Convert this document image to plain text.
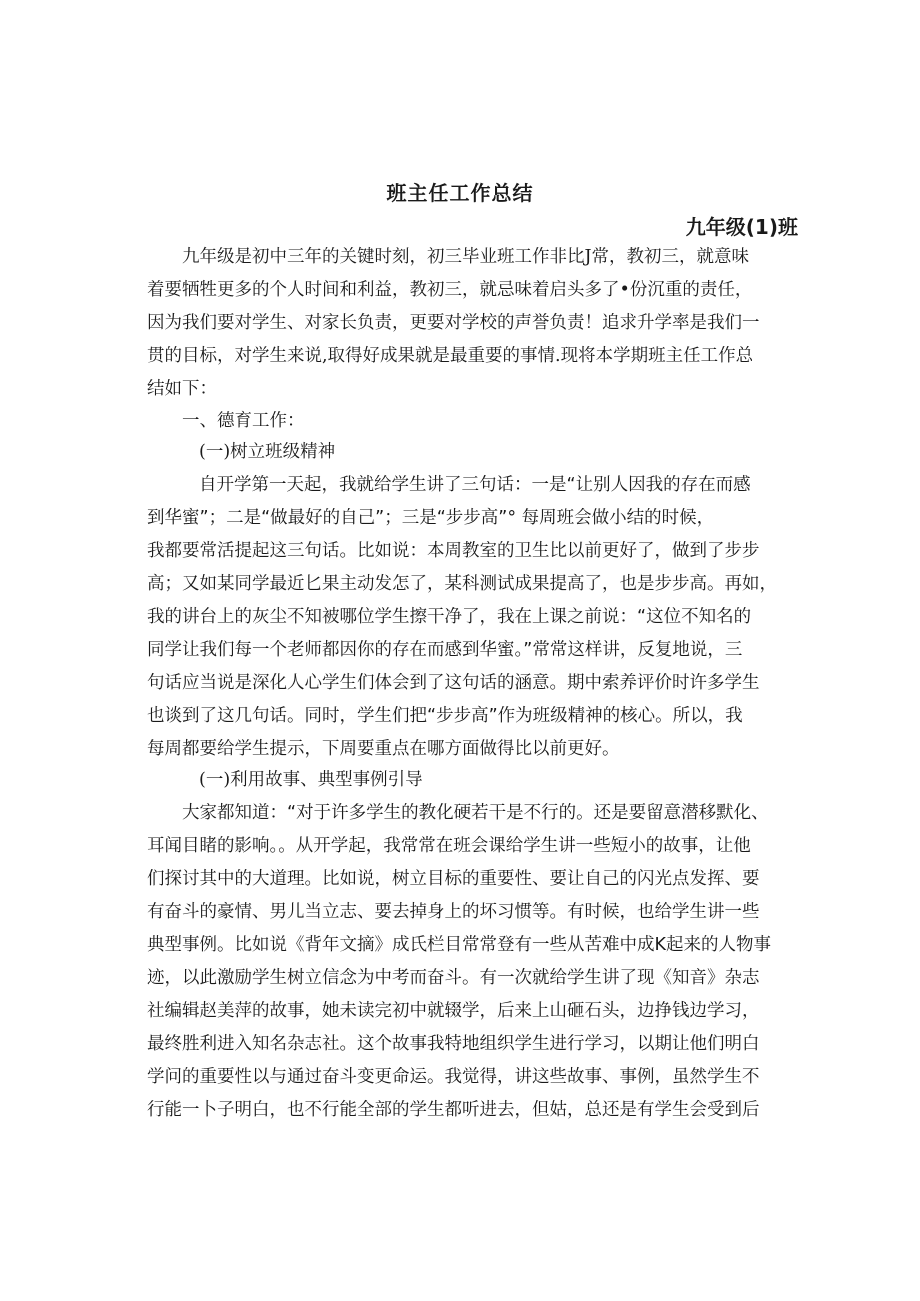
班主任工作总结
九年级(1)班
九年级是初中三年的关键时刻，初三毕业班工作非比J常，教初三，就意味
着要牺牲更多的个人时间和利益，教初三，就忌味着启头多了•份沉重的责任，
因为我们要对学生、对家长负责，更要对学校的声誉负责！追求升学率是我们一
贯的目标，对学生来说,取得好成果就是最重要的事情.现将本学期班主任工作总
结如下：
一、德育工作：
(一)树立班级精神
自开学第一天起，我就给学生讲了三句话：一是“让别人因我的存在而感
到华蜜”；二是“做最好的自己”；三是“步步高”° 每周班会做小结的时候，
我都要常活提起这三句话。比如说：本周教室的卫生比以前更好了，做到了步步
高；又如某同学最近匕果主动发怎了，某科测试成果提高了，也是步步高。再如，
我的讲台上的灰尘不知被哪位学生擦干净了，我在上课之前说：“这位不知名的
同学让我们每一个老师都因你的存在而感到华蜜。”常常这样讲，反复地说，三
句话应当说是深化人心学生们体会到了这句话的涵意。期中索养评价时许多学生
也谈到了这几句话。同时，学生们把“步步高”作为班级精神的核心。所以，我
每周都要给学生提示，下周要重点在哪方面做得比以前更好。
(一)利用故事、典型事例引导
大家都知道：“对于许多学生的教化硬若干是不行的。还是要留意潜移默化、
耳闻目睹的影响。。从开学起，我常常在班会课给学生讲一些短小的故事，让他
们探讨其中的大道理。比如说，树立目标的重要性、要让自己的闪光点发挥、要
有奋斗的豪情、男儿当立志、要去掉身上的坏习惯等。有时候，也给学生讲一些
典型事例。比如说《背年文摘》成氏栏目常常登有一些从苦难中成K起来的人物事
迹，以此激励学生树立信念为中考而奋斗。有一次就给学生讲了现《知音》杂志
社编辑赵美萍的故事，她未读完初中就辍学，后来上山砸石头，边挣钱边学习，
最终胜利进入知名杂志社。这个故事我特地组织学生进行学习，以期让他们明白
学问的重要性以与通过奋斗变更命运。我觉得，讲这些故事、事例，虽然学生不
行能一卜子明白，也不行能全部的学生都听进去，但姑，总还是有学生会受到后
